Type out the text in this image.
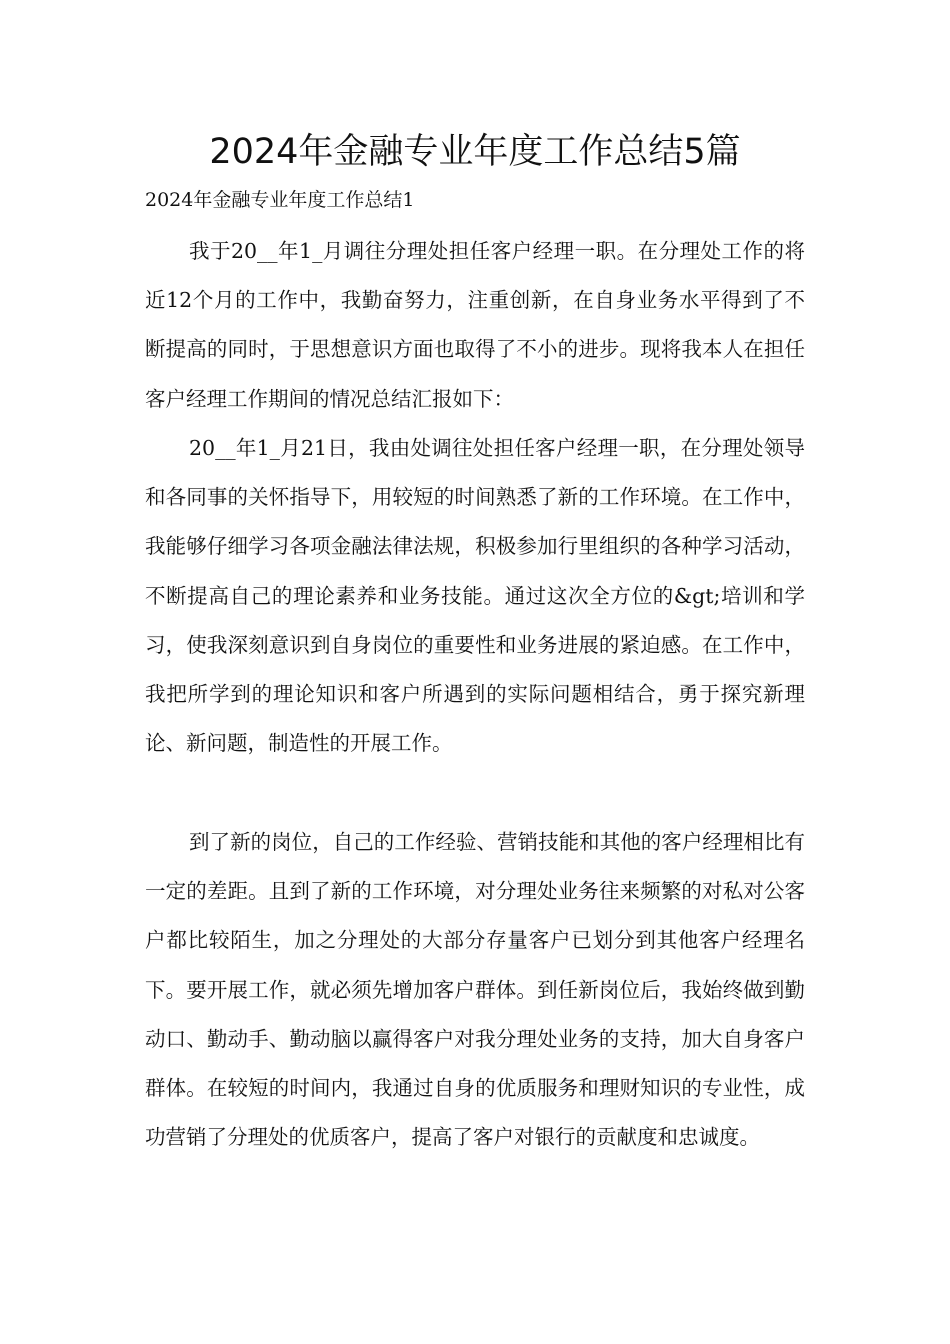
2024年金融专业年度工作总结5篇

2024年金融专业年度工作总结1

我于20__年1_月调往分理处担任客户经理一职。在分理处工作的将近12个月的工作中，我勤奋努力，注重创新，在自身业务水平得到了不断提高的同时，于思想意识方面也取得了不小的进步。现将我本人在担任客户经理工作期间的情况总结汇报如下：

20__年1_月21日，我由处调往处担任客户经理一职，在分理处领导和各同事的关怀指导下，用较短的时间熟悉了新的工作环境。在工作中，我能够仔细学习各项金融法律法规，积极参加行里组织的各种学习活动，不断提高自己的理论素养和业务技能。通过这次全方位的&gt;培训和学习，使我深刻意识到自身岗位的重要性和业务进展的紧迫感。在工作中，我把所学到的理论知识和客户所遇到的实际问题相结合，勇于探究新理论、新问题，制造性的开展工作。

到了新的岗位，自己的工作经验、营销技能和其他的客户经理相比有一定的差距。且到了新的工作环境，对分理处业务往来频繁的对私对公客户都比较陌生，加之分理处的大部分存量客户已划分到其他客户经理名下。要开展工作，就必须先增加客户群体。到任新岗位后，我始终做到勤动口、勤动手、勤动脑以赢得客户对我分理处业务的支持，加大自身客户群体。在较短的时间内，我通过自身的优质服务和理财知识的专业性，成功营销了分理处的优质客户，提高了客户对银行的贡献度和忠诚度。
